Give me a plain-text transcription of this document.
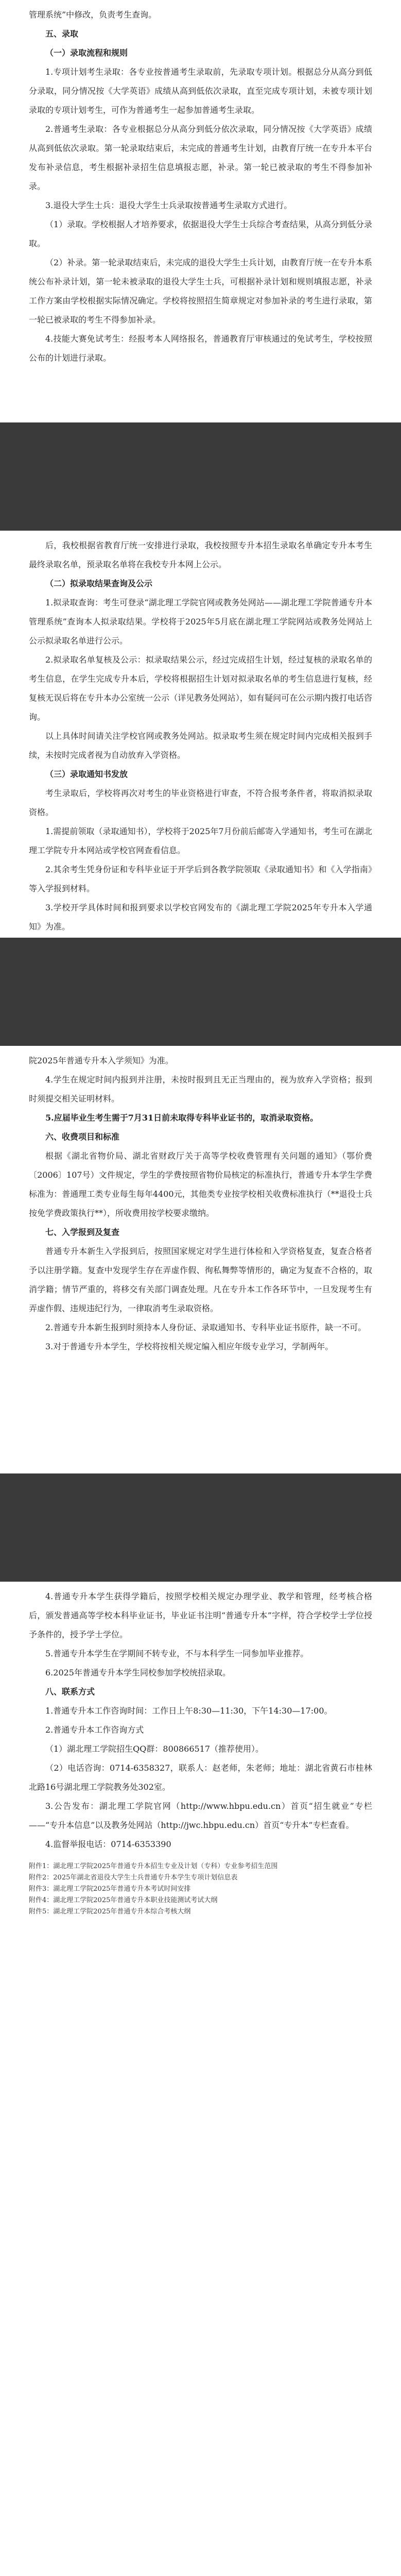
管理系统”中修改，负责考生查询。

五、录取

（一）录取流程和规则

1.专项计划考生录取：各专业按普通考生录取前，先录取专项计划。根据总分从高分到低分录取，同分情况按《大学英语》成绩从高到低依次录取，直至完成专项计划，未被专项计划录取的专项计划考生，可作为普通考生一起参加普通考生录取。

2.普通考生录取：各专业根据总分从高分到低分依次录取，同分情况按《大学英语》成绩从高到低依次录取。第一轮录取结束后，未完成的普通考生计划，由教育厅统一在专升本平台发布补录信息，考生根据补录招生信息填报志愿，补录。第一轮已被录取的考生不得参加补录。

3.退役大学生士兵：退役大学生士兵录取按普通考生录取方式进行。

（1）录取。学校根据人才培养要求，依据退役大学生士兵综合考查结果，从高分到低分录取。

（2）补录。第一轮录取结束后，未完成的退役大学生士兵计划，由教育厅统一在专升本系统公布补录计划，第一轮未被录取的退役大学生士兵，可根据补录计划和规则填报志愿，补录工作方案由学校根据实际情况确定。学校将按照招生简章规定对参加补录的考生进行录取，第一轮已被录取的考生不得参加补录。

4.技能大赛免试考生：经报考本人网络报名，普通教育厅审核通过的免试考生，学校按照公布的计划进行录取。

后，我校根据省教育厅统一安排进行录取，我校按照专升本招生录取名单确定专升本考生最终录取名单，预录取名单将在我校专升本网上公示。

（二）拟录取结果查询及公示

1.拟录取查询：考生可登录“湖北理工学院官网或教务处网站——湖北理工学院普通专升本管理系统”查询本人拟录取结果。学校将于2025年5月底在湖北理工学院网站或教务处网站上公示拟录取名单进行公示。

2.拟录取名单复核及公示：拟录取结果公示，经过完成招生计划，经过复核的录取名单的考生信息，在学生完成专升本后，学校将根据招生计划对拟录取名单的考生信息进行复核，经复核无误后将在专升本办公室统一公示（详见教务处网站），如有疑问可在公示期内拨打电话咨询。

以上具体时间请关注学校官网或教务处网站。拟录取考生须在规定时间内完成相关报到手续，未按时完成者视为自动放弃入学资格。

（三）录取通知书发放

考生录取后，学校将再次对考生的毕业资格进行审查，不符合报考条件者，将取消拟录取资格。

1.需提前领取（录取通知书），学校将于2025年7月份前后邮寄入学通知书，考生可在湖北理工学院专升本网站或学校官网查看信息。

2.其余考生凭身份证和专科毕业证于开学后到各教学院领取《录取通知书》和《入学指南》等入学报到材料。

3.学校开学具体时间和报到要求以学校官网发布的《湖北理工学院2025年专升本入学通知》为准。

院2025年普通专升本入学须知》为准。

4.学生在规定时间内报到并注册，未按时报到且无正当理由的，视为放弃入学资格；报到时须提交相关证明材料。

5.应届毕业生考生需于7月31日前未取得专科毕业证书的，取消录取资格。

六、收费项目和标准

根据《湖北省物价局、湖北省财政厅关于高等学校收费管理有关问题的通知》（鄂价费〔2006〕107号）文件规定，学生的学费按照省物价局核定的标准执行，普通专升本学生学费标准为：普通理工类专业每生每年4400元，其他类专业按学校相关收费标准执行（**退役士兵按免学费政策执行**），所收费用按学校要求缴纳。

七、入学报到及复查

普通专升本新生入学报到后，按照国家规定对学生进行体检和入学资格复查，复查合格者予以注册学籍。复查中发现学生存在弄虚作假、徇私舞弊等情形的，确定为复查不合格的，取消学籍；情节严重的，将移交有关部门调查处理。凡在专升本工作各环节中，一旦发现考生有弄虚作假、违规违纪行为，一律取消考生录取资格。

2.普通专升本新生报到时须持本人身份证、录取通知书、专科毕业证书原件，缺一不可。

3.对于普通专升本学生，学校将按相关规定编入相应年级专业学习，学制两年。

4.普通专升本学生获得学籍后，按照学校相关规定办理学业、教学和管理，经考核合格后，颁发普通高等学校本科毕业证书，毕业证书注明“普通专升本”字样，符合学校学士学位授予条件的，授予学士学位。

5.普通专升本学生在学期间不转专业，不与本科学生一同参加毕业推荐。

6.2025年普通专升本学生同校参加学校统招录取。

八、联系方式

1.普通专升本工作咨询时间：工作日上午8:30—11:30，下午14:30—17:00。

2.普通专升本工作咨询方式

（1）湖北理工学院招生QQ群：800866517（推荐使用）。

（2）电话咨询：0714-6358327，联系人：赵老师，朱老师；地址：湖北省黄石市桂林北路16号湖北理工学院教务处302室。

3.公告发布：湖北理工学院官网（http://www.hbpu.edu.cn）首页“招生就业”专栏——“专升本信息”以及教务处网站（http://jwc.hbpu.edu.cn）首页“专升本”专栏查看。

4.监督举报电话：0714-6353390

附件1：湖北理工学院2025年普通专升本招生专业及计划（专科）专业参考招生范围

附件2：2025年湖北省退役大学生士兵普通专升本学生专项计划信息表

附件3：湖北理工学院2025年普通专升本考试时间安排

附件4：湖北理工学院2025年普通专升本职业技能测试考试大纲

附件5：湖北理工学院2025年普通专升本综合考核大纲
